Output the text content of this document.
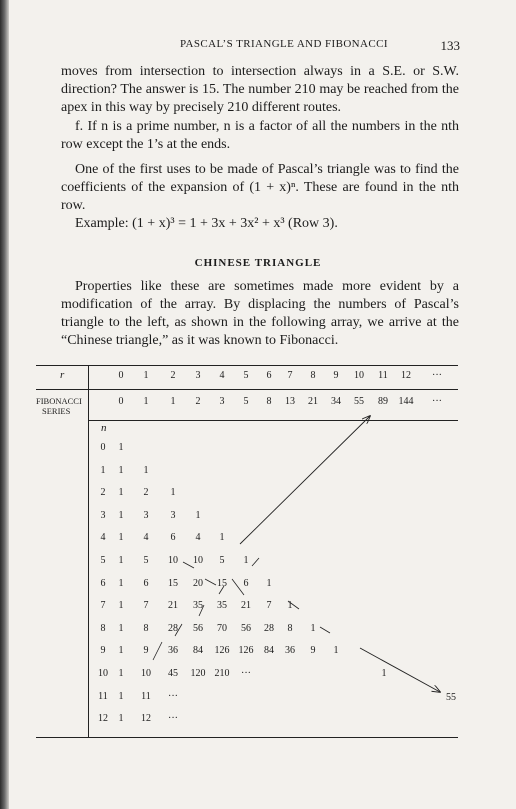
PASCAL’S TRIANGLE AND FIBONACCI	133

moves from intersection to intersection always in a S.E. or S.W. direction? The answer is 15. The number 210 may be reached from the apex in this way by precisely 210 different routes.

f. If n is a prime number, n is a factor of all the numbers in the nth row except the 1’s at the ends.

One of the first uses to be made of Pascal’s triangle was to find the coefficients of the expansion of (1 + x)ⁿ. These are found in the nth row.

Example: (1 + x)³ = 1 + 3x + 3x² + x³ (Row 3).
CHINESE TRIANGLE

Properties like these are sometimes made more evident by a modification of the array. By displacing the numbers of Pascal’s triangle to the left, as shown in the following array, we arrive at the “Chinese triangle,” as it was known to Fibonacci.

r
FIBONACCI
SERIES
n
0 1 2 3 4 5 6 7 8 9 10 11 12 ···
0 1 1 2 3 5 8 13 21 34 55 89 144 ···
0 1
1 1 1
2 1 2 1
3 1 3 3 1
4 1 4 6 4 1
5 1 5 10 10 5 1
6 1 6 15 20 15 6 1
7 1 7 21 35 35 21 7 1
8 1 8 28 56 70 56 28 8 1
9 1 9 36 84 126 126 84 36 9 1
10 1 10 45 120 210 ···
11 1 11 ···
12 1 12 ···
1
55
